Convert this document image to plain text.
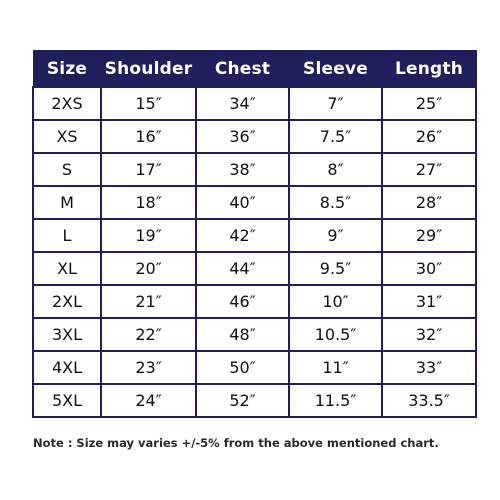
Size	Shoulder	Chest	Sleeve	Length
2XS	15″	34″	7″	25″
XS	16″	36″	7.5″	26″
S	17″	38″	8″	27″
M	18″	40″	8.5″	28″
L	19″	42″	9″	29″
XL	20″	44″	9.5″	30″
2XL	21″	46″	10″	31″
3XL	22″	48″	10.5″	32″
4XL	23″	50″	11″	33″
5XL	24″	52″	11.5″	33.5″
Note : Size may varies +/-5% from the above mentioned chart.
